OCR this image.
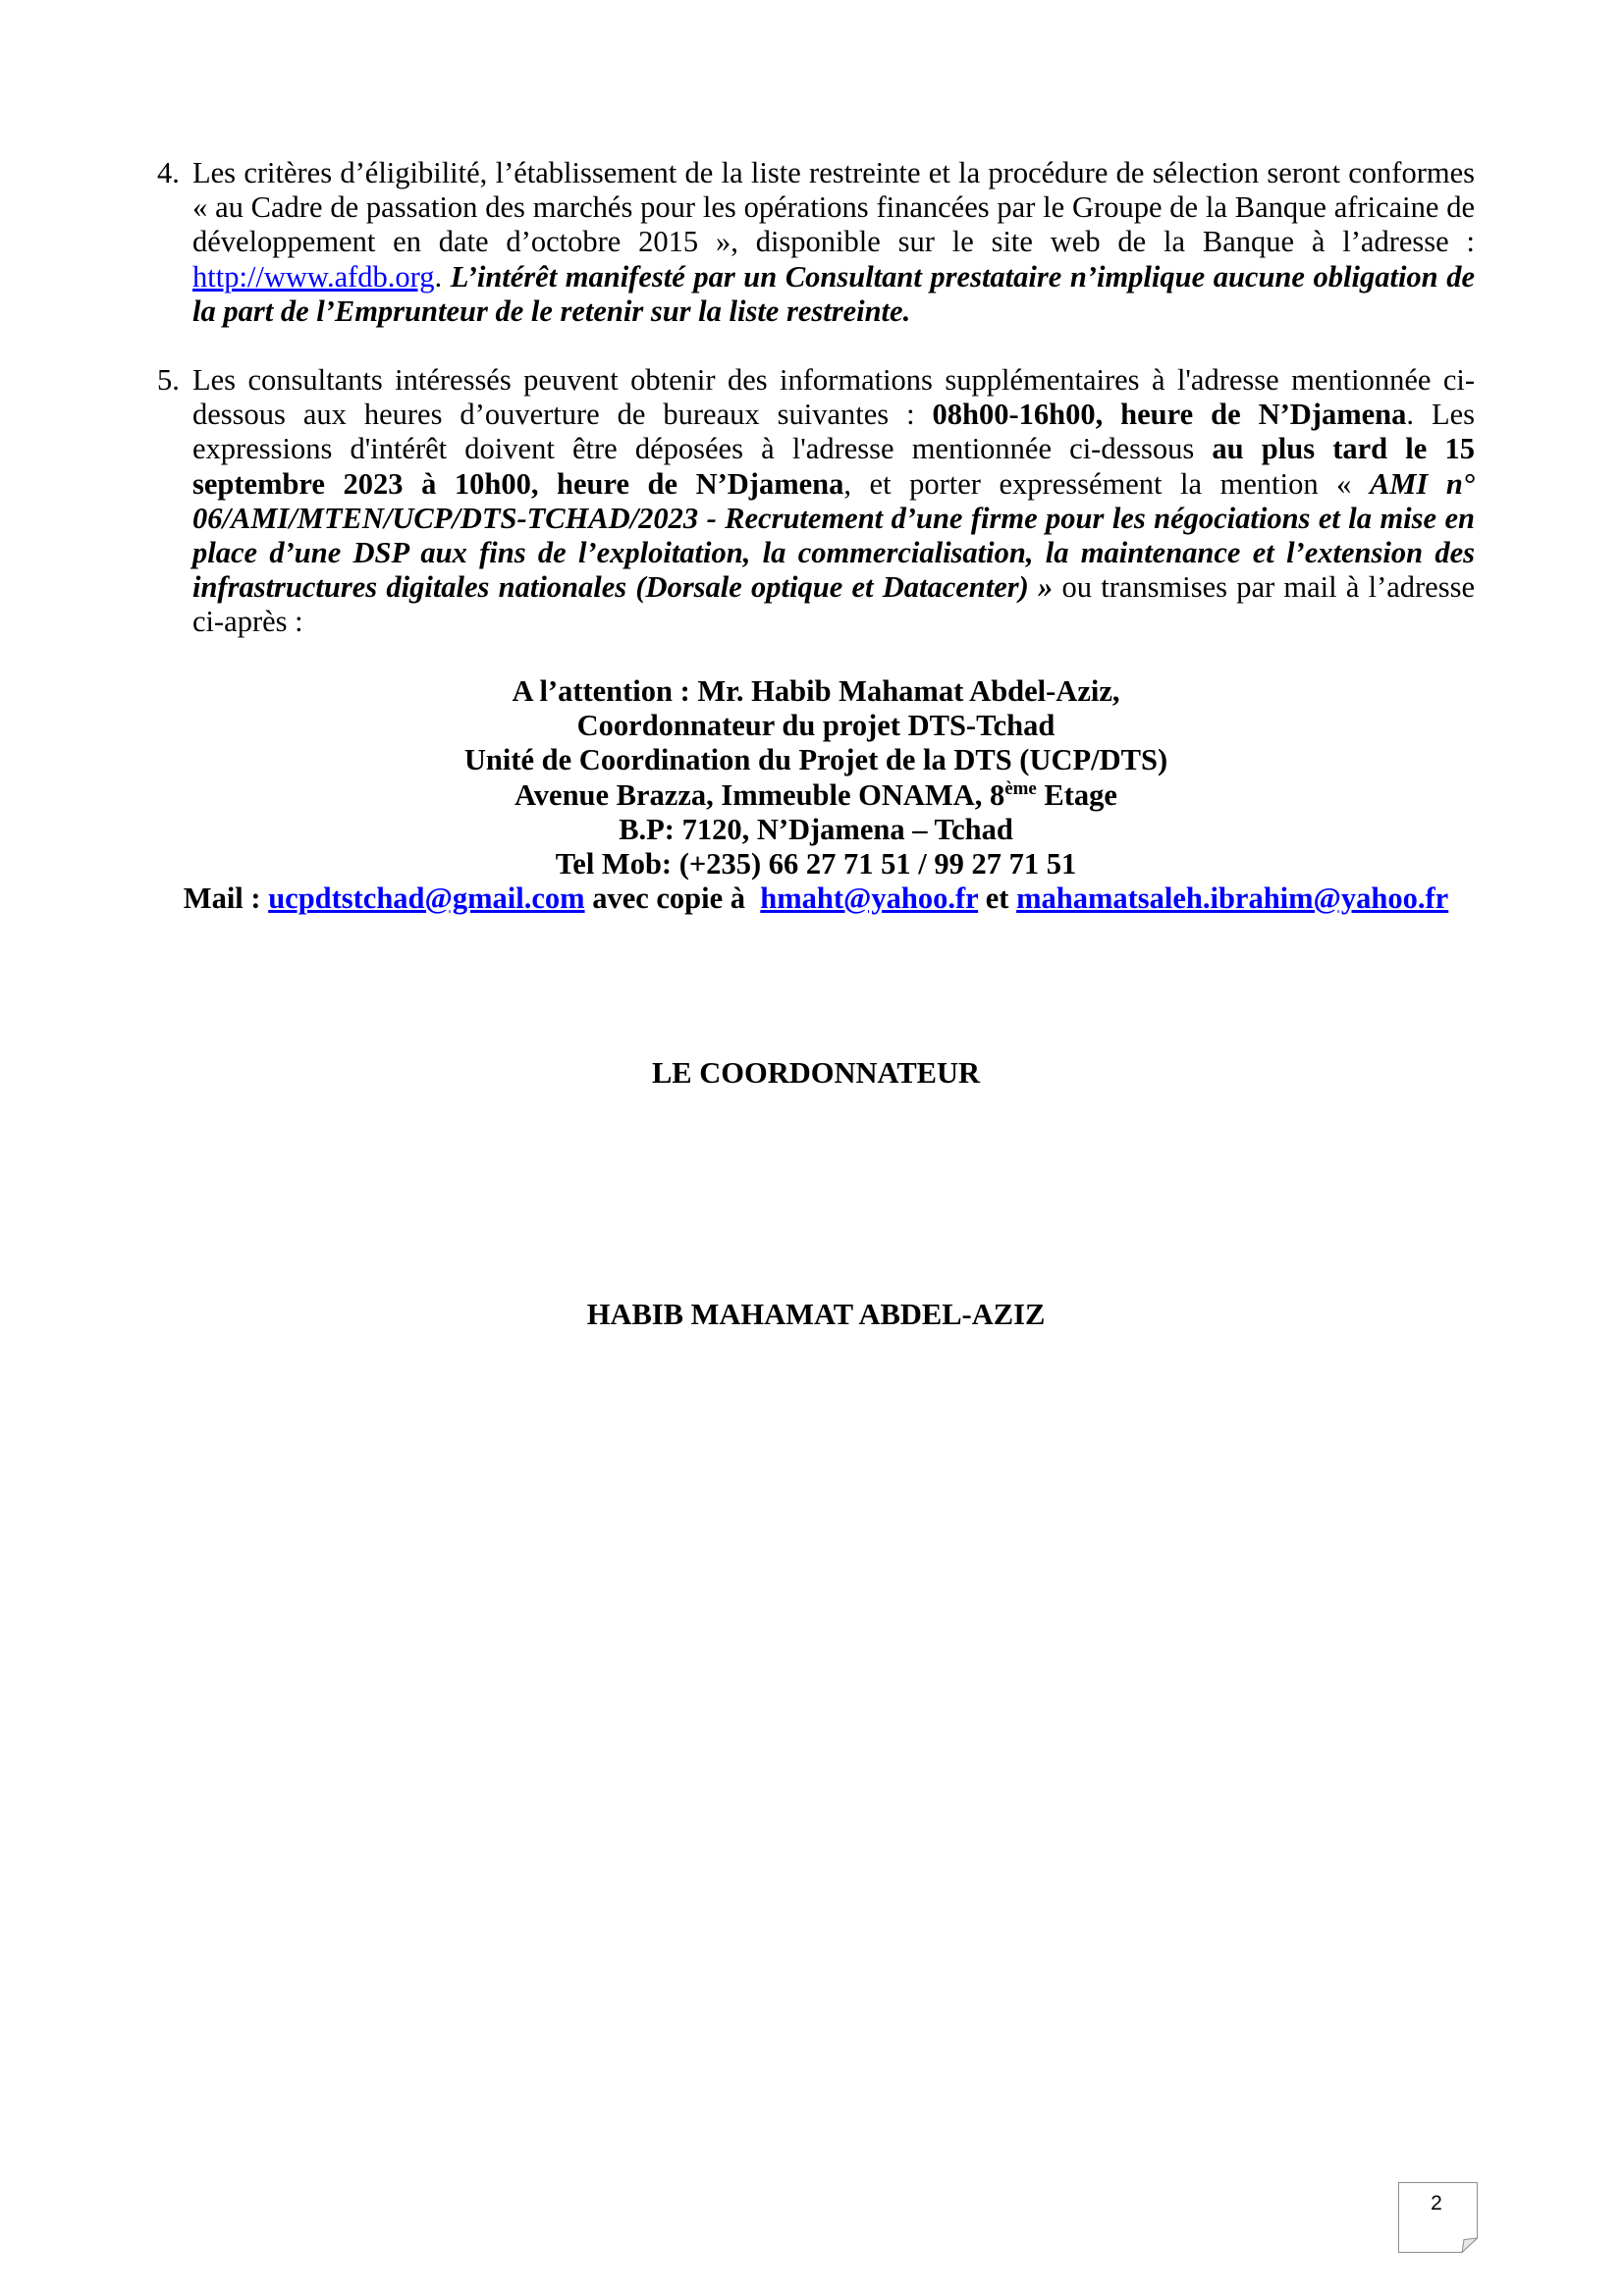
4. Les critères d’éligibilité, l’établissement de la liste restreinte et la procédure de sélection seront conformes « au Cadre de passation des marchés pour les opérations financées par le Groupe de la Banque africaine de développement en date d’octobre 2015 », disponible sur le site web de la Banque à l’adresse : http://www.afdb.org. L’intérêt manifesté par un Consultant prestataire n’implique aucune obligation de la part de l’Emprunteur de le retenir sur la liste restreinte.
5. Les consultants intéressés peuvent obtenir des informations supplémentaires à l'adresse mentionnée ci-dessous aux heures d’ouverture de bureaux suivantes : 08h00-16h00, heure de N’Djamena. Les expressions d'intérêt doivent être déposées à l'adresse mentionnée ci-dessous au plus tard le 15 septembre 2023 à 10h00, heure de N’Djamena, et porter expressément la mention « AMI n° 06/AMI/MTEN/UCP/DTS-TCHAD/2023 - Recrutement d’une firme pour les négociations et la mise en place d’une DSP aux fins de l’exploitation, la commercialisation, la maintenance et l’extension des infrastructures digitales nationales (Dorsale optique et Datacenter) » ou transmises par mail à l’adresse ci-après :
A l’attention : Mr. Habib Mahamat Abdel-Aziz,
Coordonnateur du projet DTS-Tchad
Unité de Coordination du Projet de la DTS (UCP/DTS)
Avenue Brazza, Immeuble ONAMA, 8ème Etage
B.P: 7120, N’Djamena – Tchad
Tel Mob: (+235) 66 27 71 51 / 99 27 71 51
Mail : ucpdtstchad@gmail.com avec copie à  hmaht@yahoo.fr et mahamatsaleh.ibrahim@yahoo.fr
LE COORDONNATEUR
HABIB MAHAMAT ABDEL-AZIZ
2
